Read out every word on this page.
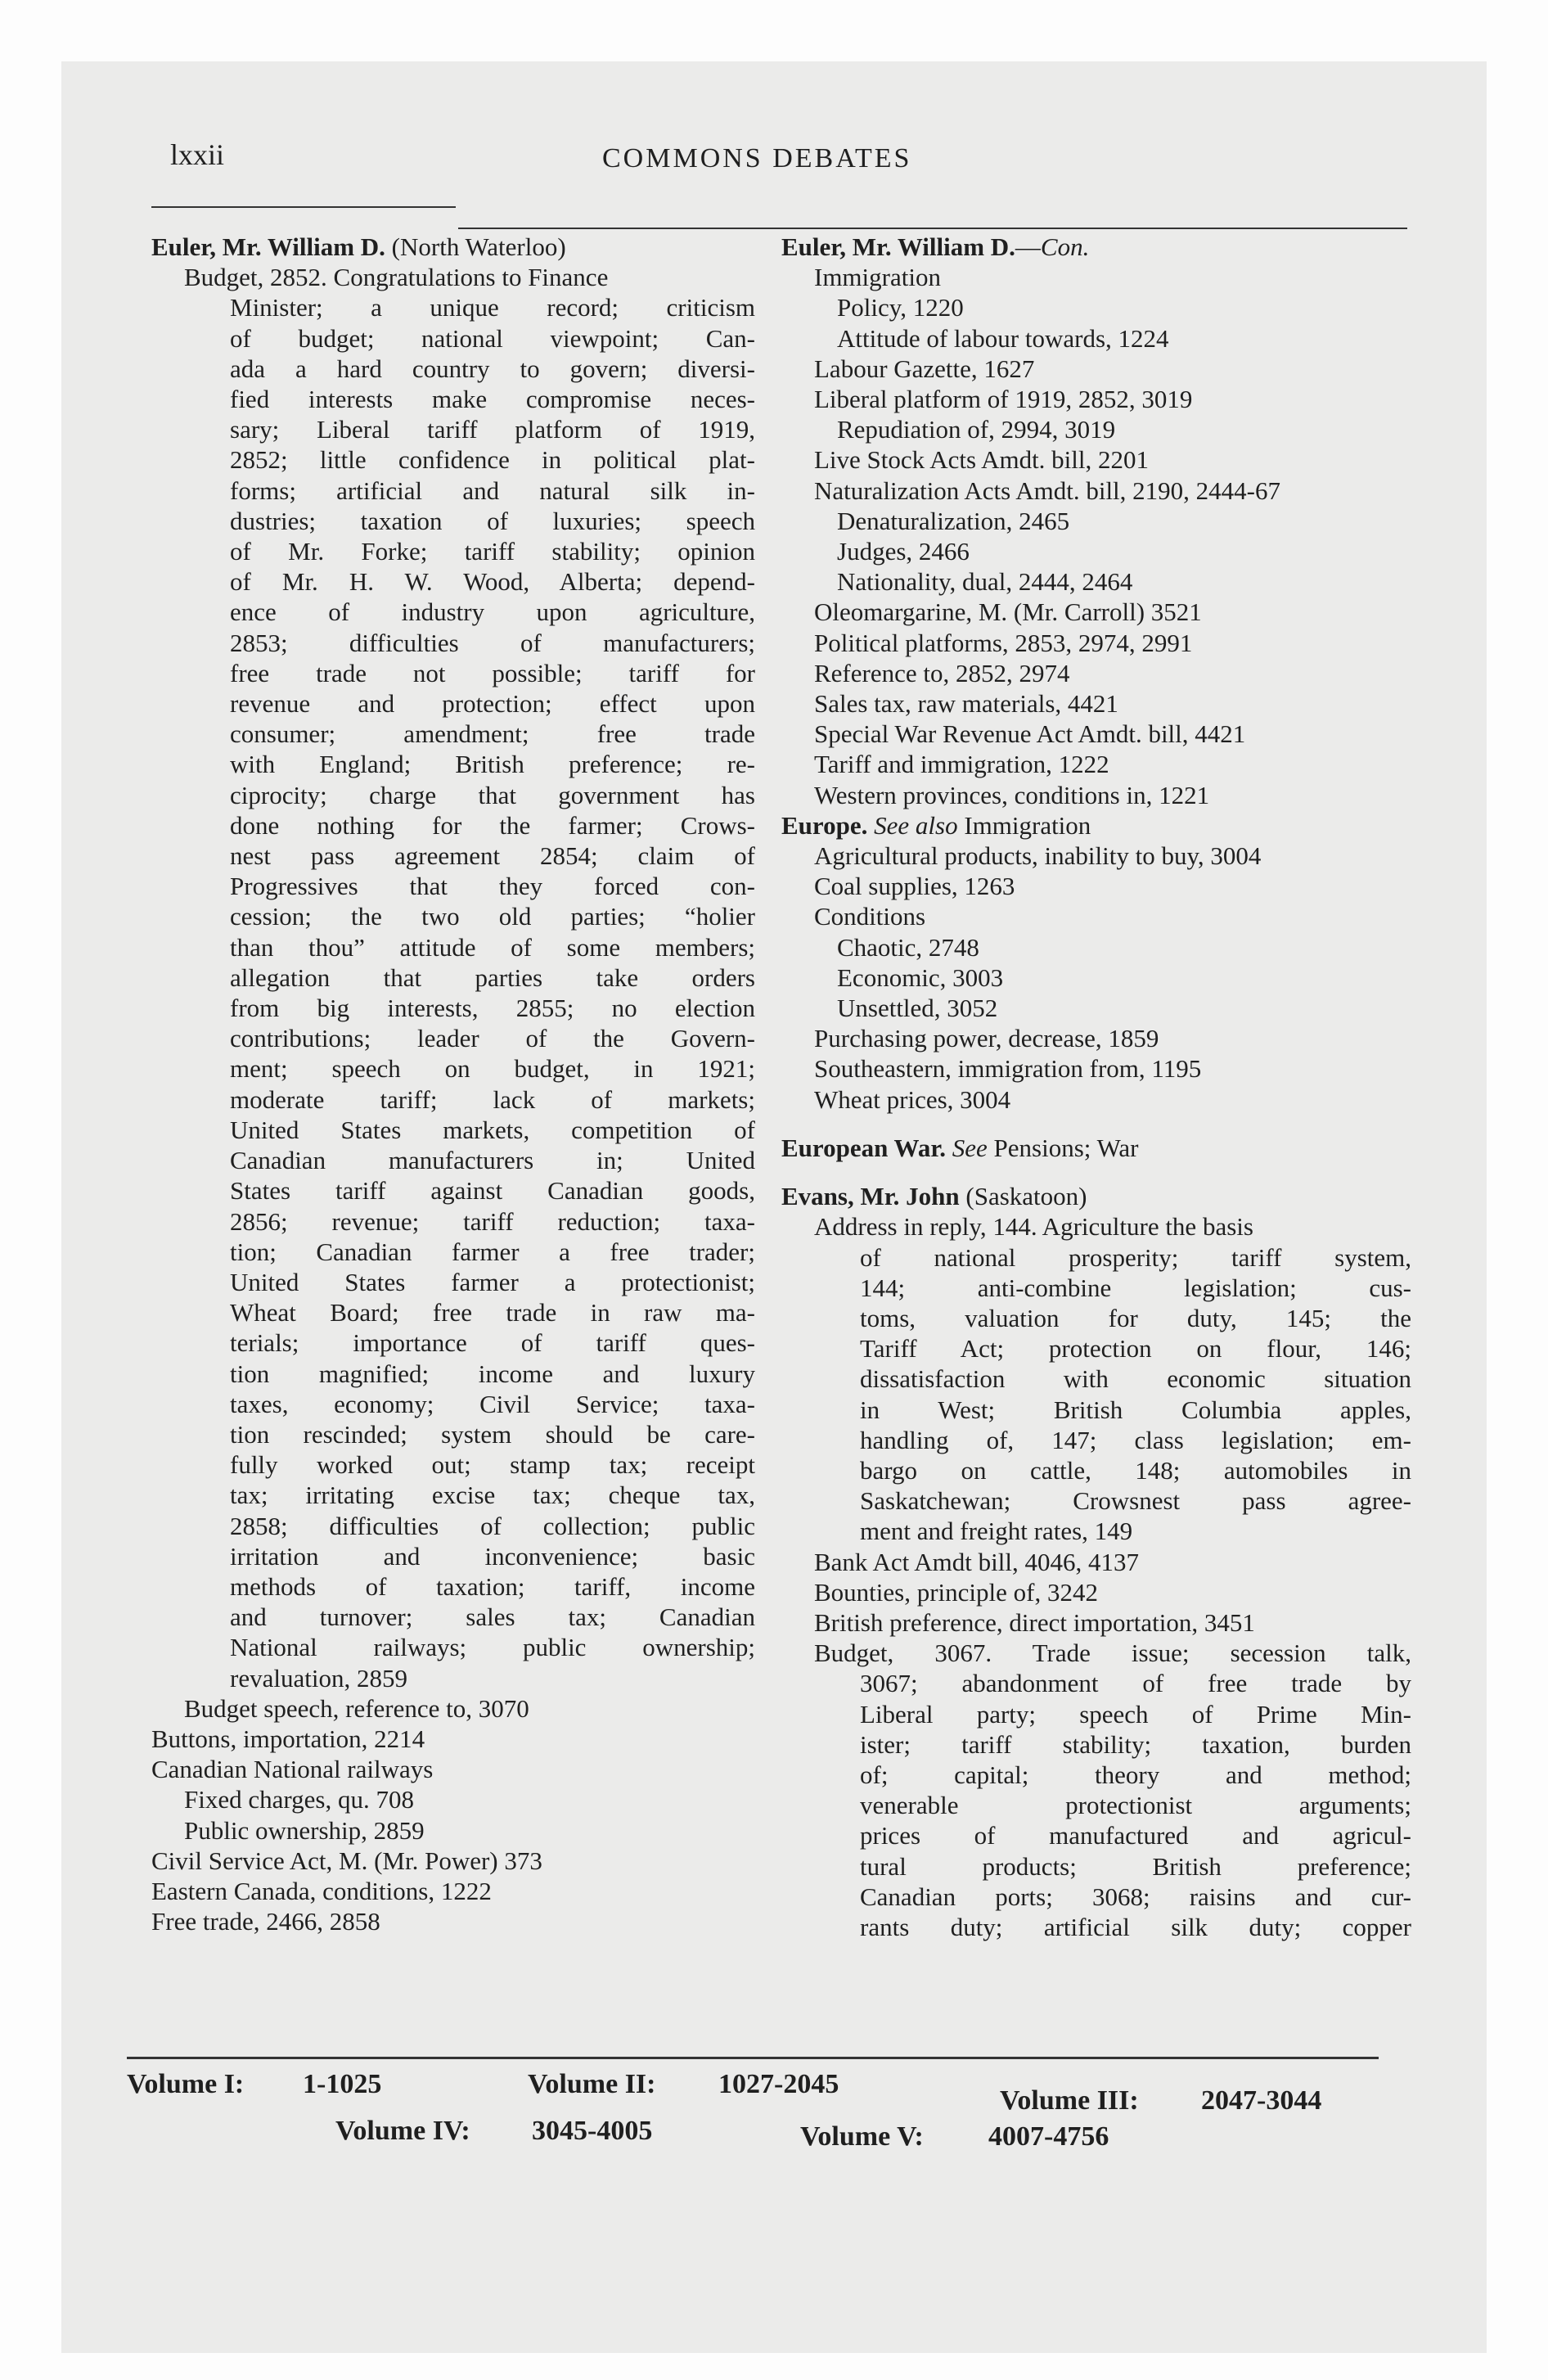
lxxii	COMMONS DEBATES
Euler, Mr. William D. (North Waterloo)
Budget, 2852. Congratulations to Finance
Minister; a unique record; criticism
of budget; national viewpoint; Can-
ada a hard country to govern; diversi-
fied interests make compromise neces-
sary; Liberal tariff platform of 1919,
2852; little confidence in political plat-
forms; artificial and natural silk in-
dustries; taxation of luxuries; speech
of Mr. Forke; tariff stability; opinion
of Mr. H. W. Wood, Alberta; depend-
ence of industry upon agriculture,
2853; difficulties of manufacturers;
free trade not possible; tariff for
revenue and protection; effect upon
consumer; amendment; free trade
with England; British preference; re-
ciprocity; charge that government has
done nothing for the farmer; Crows-
nest pass agreement 2854; claim of
Progressives that they forced con-
cession; the two old parties; “holier
than thou” attitude of some members;
allegation that parties take orders
from big interests, 2855; no election
contributions; leader of the Govern-
ment; speech on budget, in 1921;
moderate tariff; lack of markets;
United States markets, competition of
Canadian manufacturers in; United
States tariff against Canadian goods,
2856; revenue; tariff reduction; taxa-
tion; Canadian farmer a free trader;
United States farmer a protectionist;
Wheat Board; free trade in raw ma-
terials; importance of tariff ques-
tion magnified; income and luxury
taxes, economy; Civil Service; taxa-
tion rescinded; system should be care-
fully worked out; stamp tax; receipt
tax; irritating excise tax; cheque tax,
2858; difficulties of collection; public
irritation and inconvenience; basic
methods of taxation; tariff, income
and turnover; sales tax; Canadian
National railways; public ownership;
revaluation, 2859
Budget speech, reference to, 3070
Buttons, importation, 2214
Canadian National railways
Fixed charges, qu. 708
Public ownership, 2859
Civil Service Act, M. (Mr. Power) 373
Eastern Canada, conditions, 1222
Free trade, 2466, 2858
Euler, Mr. William D.—Con.
Immigration
Policy, 1220
Attitude of labour towards, 1224
Labour Gazette, 1627
Liberal platform of 1919, 2852, 3019
Repudiation of, 2994, 3019
Live Stock Acts Amdt. bill, 2201
Naturalization Acts Amdt. bill, 2190, 2444-67
Denaturalization, 2465
Judges, 2466
Nationality, dual, 2444, 2464
Oleomargarine, M. (Mr. Carroll) 3521
Political platforms, 2853, 2974, 2991
Reference to, 2852, 2974
Sales tax, raw materials, 4421
Special War Revenue Act Amdt. bill, 4421
Tariff and immigration, 1222
Western provinces, conditions in, 1221
Europe. See also Immigration
Agricultural products, inability to buy, 3004
Coal supplies, 1263
Conditions
Chaotic, 2748
Economic, 3003
Unsettled, 3052
Purchasing power, decrease, 1859
Southeastern, immigration from, 1195
Wheat prices, 3004
European War. See Pensions; War
Evans, Mr. John (Saskatoon)
Address in reply, 144. Agriculture the basis
of national prosperity; tariff system,
144; anti-combine legislation; cus-
toms, valuation for duty, 145; the
Tariff Act; protection on flour, 146;
dissatisfaction with economic situation
in West; British Columbia apples,
handling of, 147; class legislation; em-
bargo on cattle, 148; automobiles in
Saskatchewan; Crowsnest pass agree-
ment and freight rates, 149
Bank Act Amdt bill, 4046, 4137
Bounties, principle of, 3242
British preference, direct importation, 3451
Budget, 3067. Trade issue; secession talk,
3067; abandonment of free trade by
Liberal party; speech of Prime Min-
ister; tariff stability; taxation, burden
of; capital; theory and method;
venerable protectionist arguments;
prices of manufactured and agricul-
tural products; British preference;
Canadian ports; 3068; raisins and cur-
rants duty; artificial silk duty; copper
Volume I: 1-1025	Volume II: 1027-2045
Volume III: 2047-3044
Volume IV: 3045-4005	Volume V: 4007-4756
